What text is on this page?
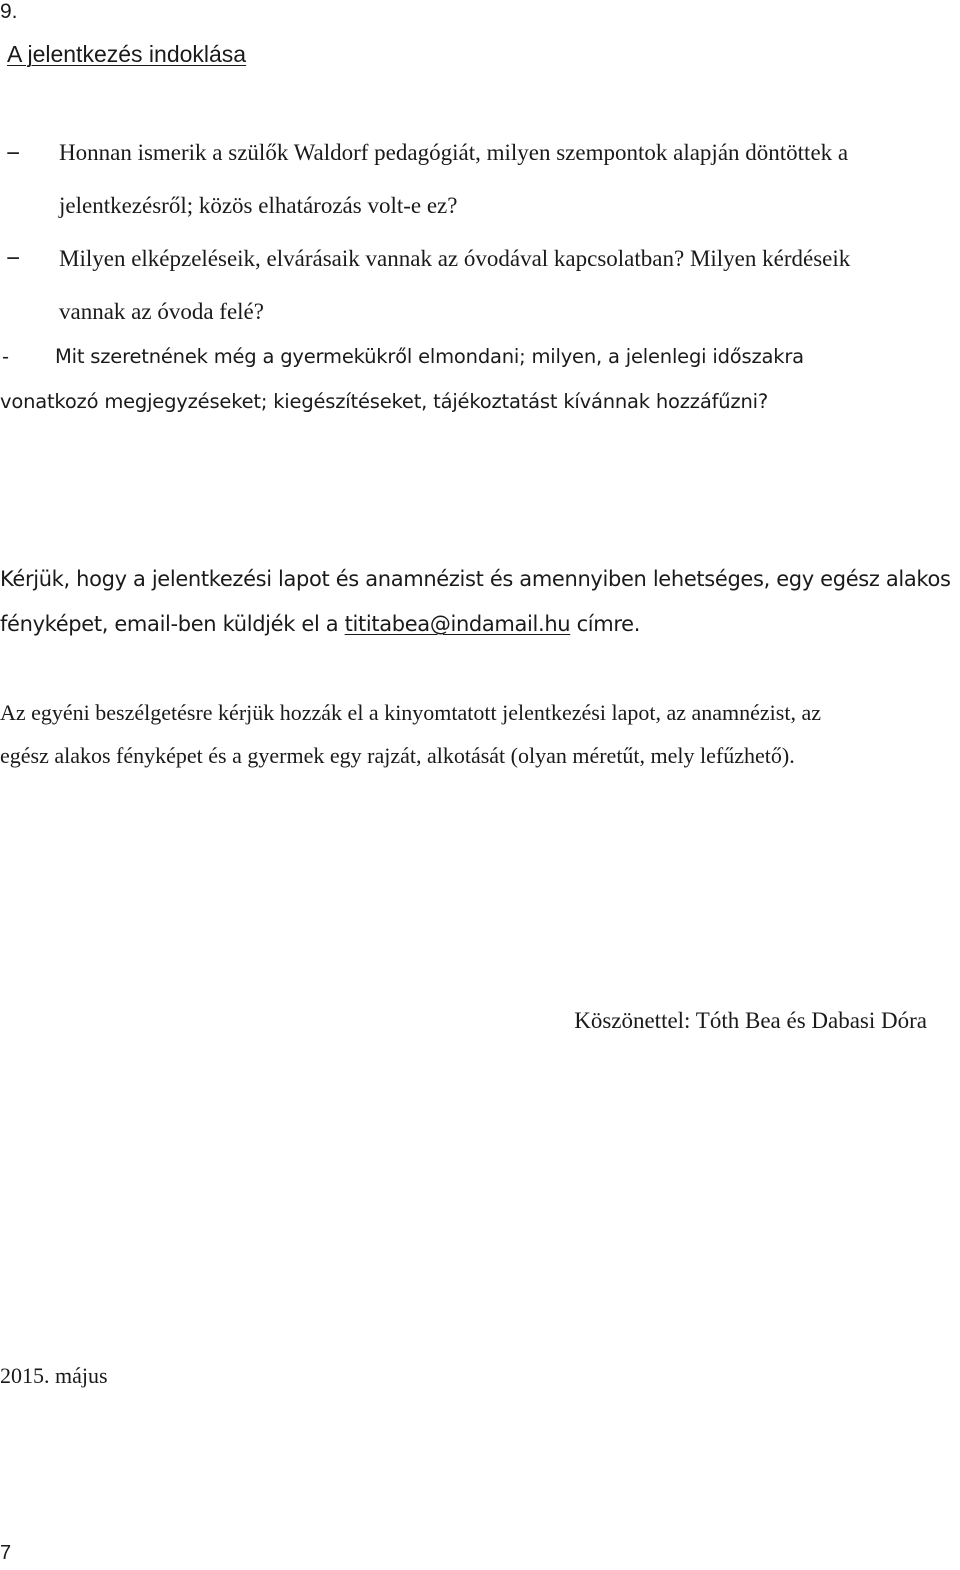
9.
A jelentkezés indoklása
− Honnan ismerik a szülők Waldorf pedagógiát, milyen szempontok alapján döntöttek a
jelentkezésről; közös elhatározás volt-e ez?
− Milyen elképzeléseik, elvárásaik vannak az óvodával kapcsolatban? Milyen kérdéseik
vannak az óvoda felé?
- Mit szeretnének még a gyermekükről elmondani; milyen, a jelenlegi időszakra
vonatkozó megjegyzéseket; kiegészítéseket, tájékoztatást kívánnak hozzáfűzni?
Kérjük, hogy a jelentkezési lapot és anamnézist és amennyiben lehetséges, egy egész alakos
fényképet, email-ben küldjék el a tititabea@indamail.hu címre.
Az egyéni beszélgetésre kérjük hozzák el a kinyomtatott jelentkezési lapot, az anamnézist, az
egész alakos fényképet és a gyermek egy rajzát, alkotását (olyan méretűt, mely lefűzhető).
Köszönettel: Tóth Bea és Dabasi Dóra
2015. május
7
